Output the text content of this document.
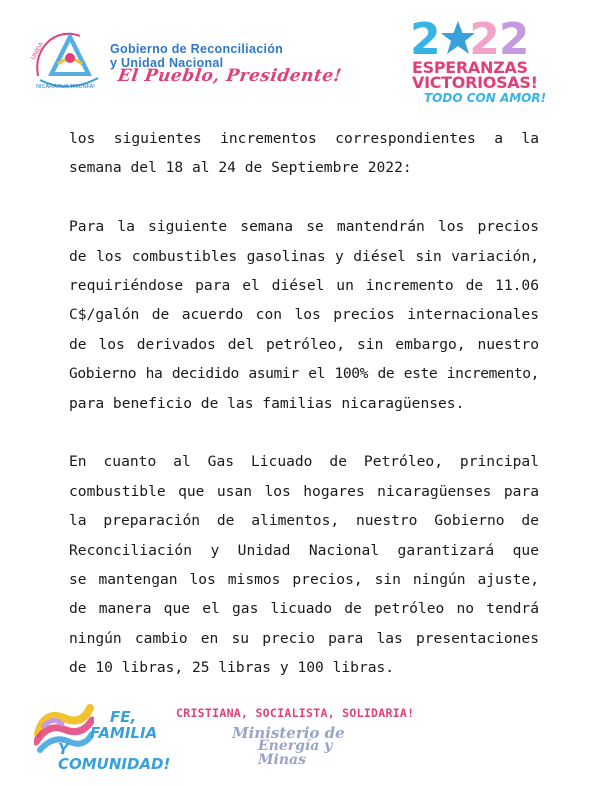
UNIDA
NICARAGUA TRIUNFA!
Gobierno de Reconciliación
y Unidad Nacional
El Pueblo, Presidente!
2 22
ESPERANZAS
VICTORIOSAS!
TODO CON AMOR!

los siguientes incrementos correspondientes a la
semana del 18 al 24 de Septiembre 2022:

Para la siguiente semana se mantendrán los precios
de los combustibles gasolinas y diésel sin variación,
requiriéndose para el diésel un incremento de 11.06
C$/galón de acuerdo con los precios internacionales
de los derivados del petróleo, sin embargo, nuestro
Gobierno ha decidido asumir el 100% de este incremento,
para beneficio de las familias nicaragüenses.

En cuanto al Gas Licuado de Petróleo, principal
combustible que usan los hogares nicaragüenses para
la preparación de alimentos, nuestro Gobierno de
Reconciliación y Unidad Nacional garantizará que
se mantengan los mismos precios, sin ningún ajuste,
de manera que el gas licuado de petróleo no tendrá
ningún cambio en su precio para las presentaciones
de 10 libras, 25 libras y 100 libras.

FE,
FAMILIA
Y COMUNIDAD!
CRISTIANA, SOCIALISTA, SOLIDARIA!
Ministerio de
Energía y
Minas
